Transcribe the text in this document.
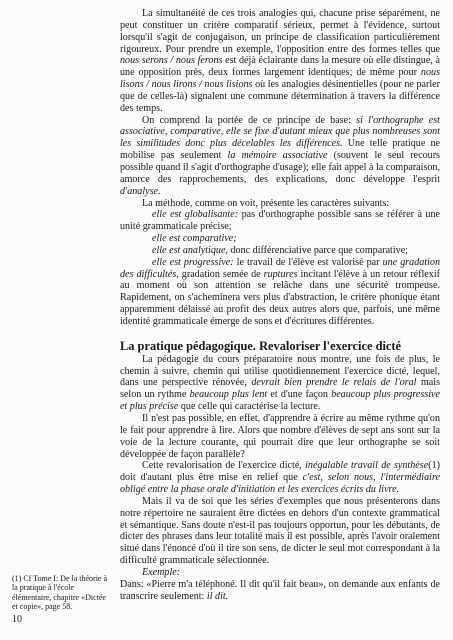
La simultanéité de ces trois analogies qui, chacune prise séparément, ne peut constituer un critère comparatif sérieux, permet à l'évidence, surtout lorsqu'il s'agit de conjugaison, un principe de classification particulièrement rigoureux. Pour prendre un exemple, l'opposition entre des formes telles que nous serons / nous ferons est déjà éclairante dans la mesure où elle distingue, à une opposition près, deux formes largement identiques; de même pour nous lisons / nous lirons / nous lisions où les analogies désinentielles (pour ne parler que de celles-là) signalent une commune détermination à travers la différence des temps.

On comprend la portée de ce principe de base: si l'orthographe est associative, comparative, elle se fixe d'autant mieux que plus nombreuses sont les similitudes donc plus décelables les différences. Une telle pratique ne mobilise pas seulement la mémoire associative (souvent le seul recours possible quand il s'agit d'orthographe d'usage); elle fait appel à la comparaison, amorce des rapprochements, des explications, donc développe l'esprit d'analyse.

La méthode, comme on voit, présente les caractères suivants:

elle est globalisante: pas d'orthographe possible sans se référer à une unité grammaticale précise;

elle est comparative;

elle est analytique, donc différenciative parce que comparative;

elle est progressive: le travail de l'élève est valorisé par une gradation des difficultés, gradation semée de ruptures incitant l'élève à un retour réflexif au moment où son attention se relâche dans une sécurité trompeuse. Rapidement, on s'acheminera vers plus d'abstraction, le critère phonique étant apparemment délaissé au profit des deux autres alors que, parfois, une même identité grammaticale émerge de sons et d'écritures différentes.

La pratique pédagogique. Revaloriser l'exercice dicté

La pédagogie du cours préparatoire nous montre, une fois de plus, le chemin à suivre, chemin qui utilise quotidiennement l'exercice dicté, lequel, dans une perspective rénovée, devrait bien prendre le relais de l'oral mais selon un rythme beaucoup plus lent et d'une façon beaucoup plus progressive et plus précise que celle qui caractérise la lecture.

Il n'est pas possible, en effet, d'apprendre à écrire au même rythme qu'on le fait pour apprendre à lire. Alors que nombre d'élèves de sept ans sont sur la voie de la lecture courante, qui pourrait dire que leur orthographe se soit développée de façon parallèle?

Cette revalorisation de l'exercice dicté, inégalable travail de synthèse(1) doit d'autant plus être mise en relief que c'est, selon nous, l'intermédiaire obligé entre la phase orale d'initiation et les exercices écrits du livre.

Mais il va de soi que les séries d'exemples que nous présenterons dans notre répertoire ne sauraient être dictées en dehors d'un contexte grammatical et sémantique. Sans doute n'est-il pas toujours opportun, pour les débutants, de dicter des phrases dans leur totalité mais il est possible, après l'avoir oralement situé dans l'énoncé d'où il tire son sens, de dicter le seul mot correspondant à la difficulté grammaticale sélectionnée.

Exemple:

Dans: «Pierre m'a téléphoné. Il dit qu'il fait beau», on demande aux enfants de transcrire seulement: il dit.

(1) Cf Tome I: De la théorie à la pratique à l'école élémentaire, chapitre «Dictée et copie», page 58.
10
